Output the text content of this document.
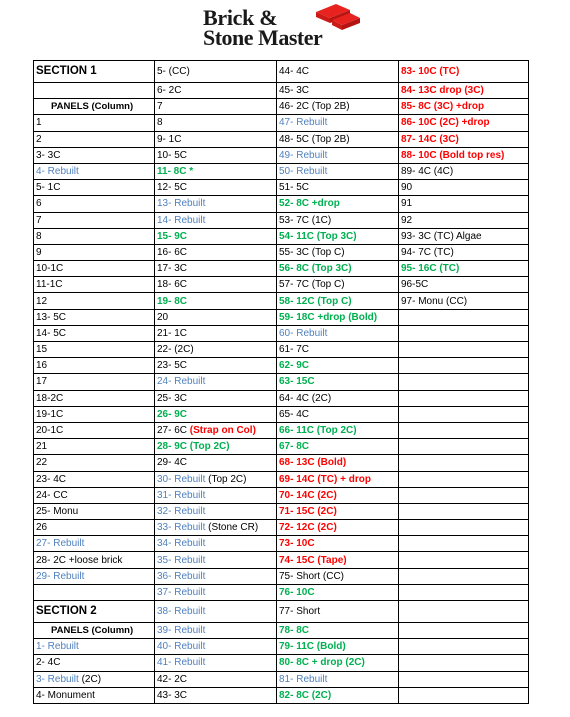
Brick &
Stone Master
SECTION 1	5- (CC)	44- 4C	83- 10C (TC)
	6- 2C	45- 3C	84- 13C drop (3C)
PANELS (Column)	7	46- 2C (Top 2B)	85- 8C (3C) +drop
1	8	47- Rebuilt	86- 10C (2C) +drop
2	9- 1C	48- 5C (Top 2B)	87- 14C (3C)
3- 3C	10- 5C	49- Rebuilt	88- 10C (Bold top res)
4- Rebuilt	11- 8C *	50- Rebuilt	89- 4C (4C)
5- 1C	12- 5C	51- 5C	90
6	13- Rebuilt	52- 8C +drop	91
7	14- Rebuilt	53- 7C (1C)	92
8	15- 9C	54- 11C (Top 3C)	93- 3C (TC) Algae
9	16- 6C	55- 3C (Top C)	94- 7C (TC)
10-1C	17- 3C	56- 8C (Top 3C)	95- 16C (TC)
11-1C	18- 6C	57- 7C (Top C)	96-5C
12	19- 8C	58- 12C (Top C)	97- Monu (CC)
13- 5C	20	59- 18C +drop (Bold)	
14- 5C	21- 1C	60- Rebuilt	
15	22- (2C)	61- 7C	
16	23- 5C	62- 9C	
17	24- Rebuilt	63- 15C	
18-2C	25- 3C	64- 4C (2C)	
19-1C	26- 9C	65- 4C	
20-1C	27- 6C (Strap on Col)	66- 11C (Top 2C)	
21	28- 9C (Top 2C)	67- 8C	
22	29- 4C	68- 13C (Bold)	
23- 4C	30- Rebuilt (Top 2C)	69- 14C (TC) + drop	
24- CC	31- Rebuilt	70- 14C (2C)	
25- Monu	32- Rebuilt	71- 15C (2C)	
26	33- Rebuilt (Stone CR)	72- 12C (2C)	
27- Rebuilt	34- Rebuilt	73- 10C	
28- 2C +loose brick	35- Rebuilt	74- 15C (Tape)	
29- Rebuilt	36- Rebuilt	75- Short (CC)	
	37- Rebuilt	76- 10C	
SECTION 2	38- Rebuilt	77- Short	
PANELS (Column)	39- Rebuilt	78- 8C	
1- Rebuilt	40- Rebuilt	79- 11C (Bold)	
2- 4C	41- Rebuilt	80- 8C + drop (2C)	
3- Rebuilt (2C)	42- 2C	81- Rebuilt	
4- Monument	43- 3C	82- 8C (2C)	
